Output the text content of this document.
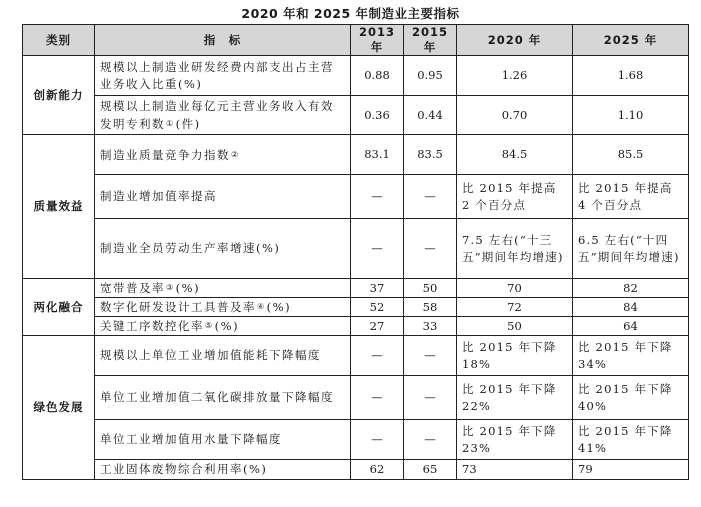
2020 年和 2025 年制造业主要指标
类别	指　标	2013 年	2015 年	2020 年	2025 年
创新能力	规模以上制造业研发经费内部支出占主营业务收入比重(%)	0.88	0.95	1.26	1.68
	规模以上制造业每亿元主营业务收入有效发明专利数①(件)	0.36	0.44	0.70	1.10
质量效益	制造业质量竞争力指数②	83.1	83.5	84.5	85.5
	制造业增加值率提高	—	—	比 2015 年提高 2 个百分点	比 2015 年提高 4 个百分点
	制造业全员劳动生产率增速(%)	—	—	7.5 左右(“十三五”期间年均增速)	6.5 左右(“十四五”期间年均增速)
两化融合	宽带普及率③(%)	37	50	70	82
	数字化研发设计工具普及率④(%)	52	58	72	84
	关键工序数控化率⑤(%)	27	33	50	64
绿色发展	规模以上单位工业增加值能耗下降幅度	—	—	比 2015 年下降 18%	比 2015 年下降 34%
	单位工业增加值二氧化碳排放量下降幅度	—	—	比 2015 年下降 22%	比 2015 年下降 40%
	单位工业增加值用水量下降幅度	—	—	比 2015 年下降 23%	比 2015 年下降 41%
	工业固体废物综合利用率(%)	62	65	73	79
